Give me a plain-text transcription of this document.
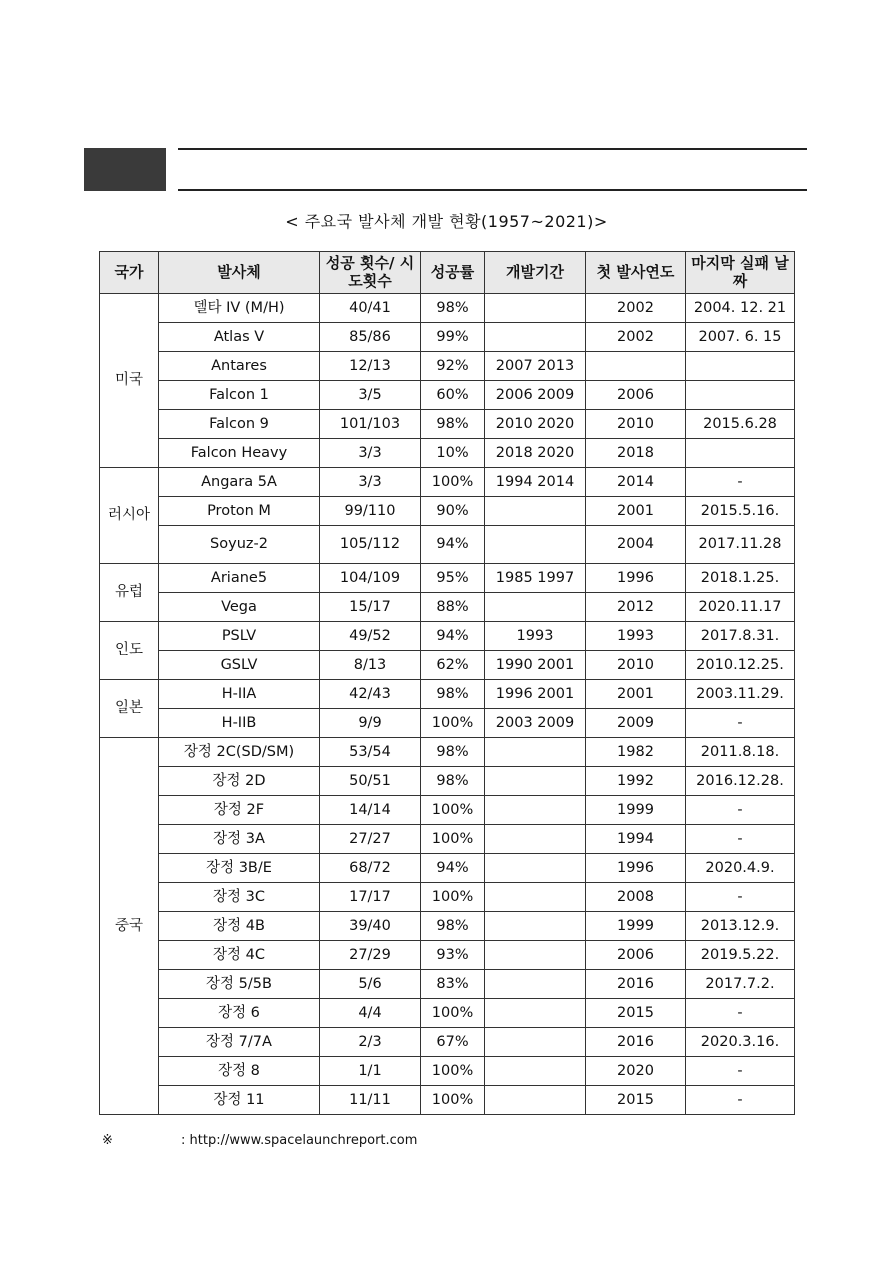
< 주요국 발사체 개발 현황(1957~2021)>
국가	발사체	성공 횟수/ 시도횟수	성공률	개발기간	첫 발사연도	마지막 실패 날짜
미국	델타 IV (M/H)	40/41	98%		2002	2004. 12. 21
	Atlas V	85/86	99%		2002	2007. 6. 15
	Antares	12/13	92%	2007 2013		
	Falcon 1	3/5	60%	2006 2009	2006	
	Falcon 9	101/103	98%	2010 2020	2010	2015.6.28
	Falcon Heavy	3/3	10%	2018 2020	2018	
러시아	Angara 5A	3/3	100%	1994 2014	2014	-
	Proton M	99/110	90%		2001	2015.5.16.
	Soyuz-2	105/112	94%		2004	2017.11.28
유럽	Ariane5	104/109	95%	1985 1997	1996	2018.1.25.
	Vega	15/17	88%		2012	2020.11.17
인도	PSLV	49/52	94%	1993	1993	2017.8.31.
	GSLV	8/13	62%	1990 2001	2010	2010.12.25.
일본	H-IIA	42/43	98%	1996 2001	2001	2003.11.29.
	H-IIB	9/9	100%	2003 2009	2009	-
중국	장정 2C(SD/SM)	53/54	98%		1982	2011.8.18.
	장정 2D	50/51	98%		1992	2016.12.28.
	장정 2F	14/14	100%		1999	-
	장정 3A	27/27	100%		1994	-
	장정 3B/E	68/72	94%		1996	2020.4.9.
	장정 3C	17/17	100%		2008	-
	장정 4B	39/40	98%		1999	2013.12.9.
	장정 4C	27/29	93%		2006	2019.5.22.
	장정 5/5B	5/6	83%		2016	2017.7.2.
	장정 6	4/4	100%		2015	-
	장정 7/7A	2/3	67%		2016	2020.3.16.
	장정 8	1/1	100%		2020	-
	장정 11	11/11	100%		2015	-
※	: http://www.spacelaunchreport.com
